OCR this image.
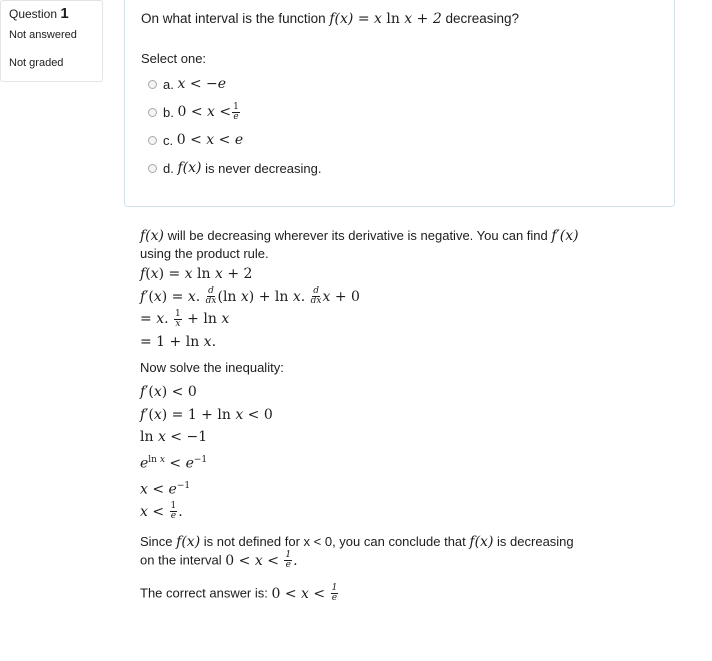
Question 1
Not answered
Not graded
On what interval is the function f(x) = x ln x + 2 decreasing?
Select one:
a.
x < −e
b.
$0 < x < \frac{1}{e}$
c.
0 < x < e
d.
f(x)
is never decreasing.
f(x) will be decreasing wherever its derivative is negative. You can find f′(x)
using the product rule.
f(x) = x ln x + 2
f′(x) = x. $\frac{d}{dx} (\ln$ x) + ln x. $\frac{d}{dx}$ x + 0
= x. $\frac{1}{x} + \ln x$
= 1 + ln x.
Now solve the inequality:
f′(x) < 0
f′(x) = 1 + ln x < 0
ln x < −1
$e^{ln x} < e^{-1}$
$x < e^{-1}$
$x < \frac{1}{e}$ .
Since f(x) is not defined for x < 0, you can conclude that f(x) is decreasing
on the interval $0 < x < \frac{1}{e}$ .
The correct answer is: $0 < x < \frac{1}{e}$
